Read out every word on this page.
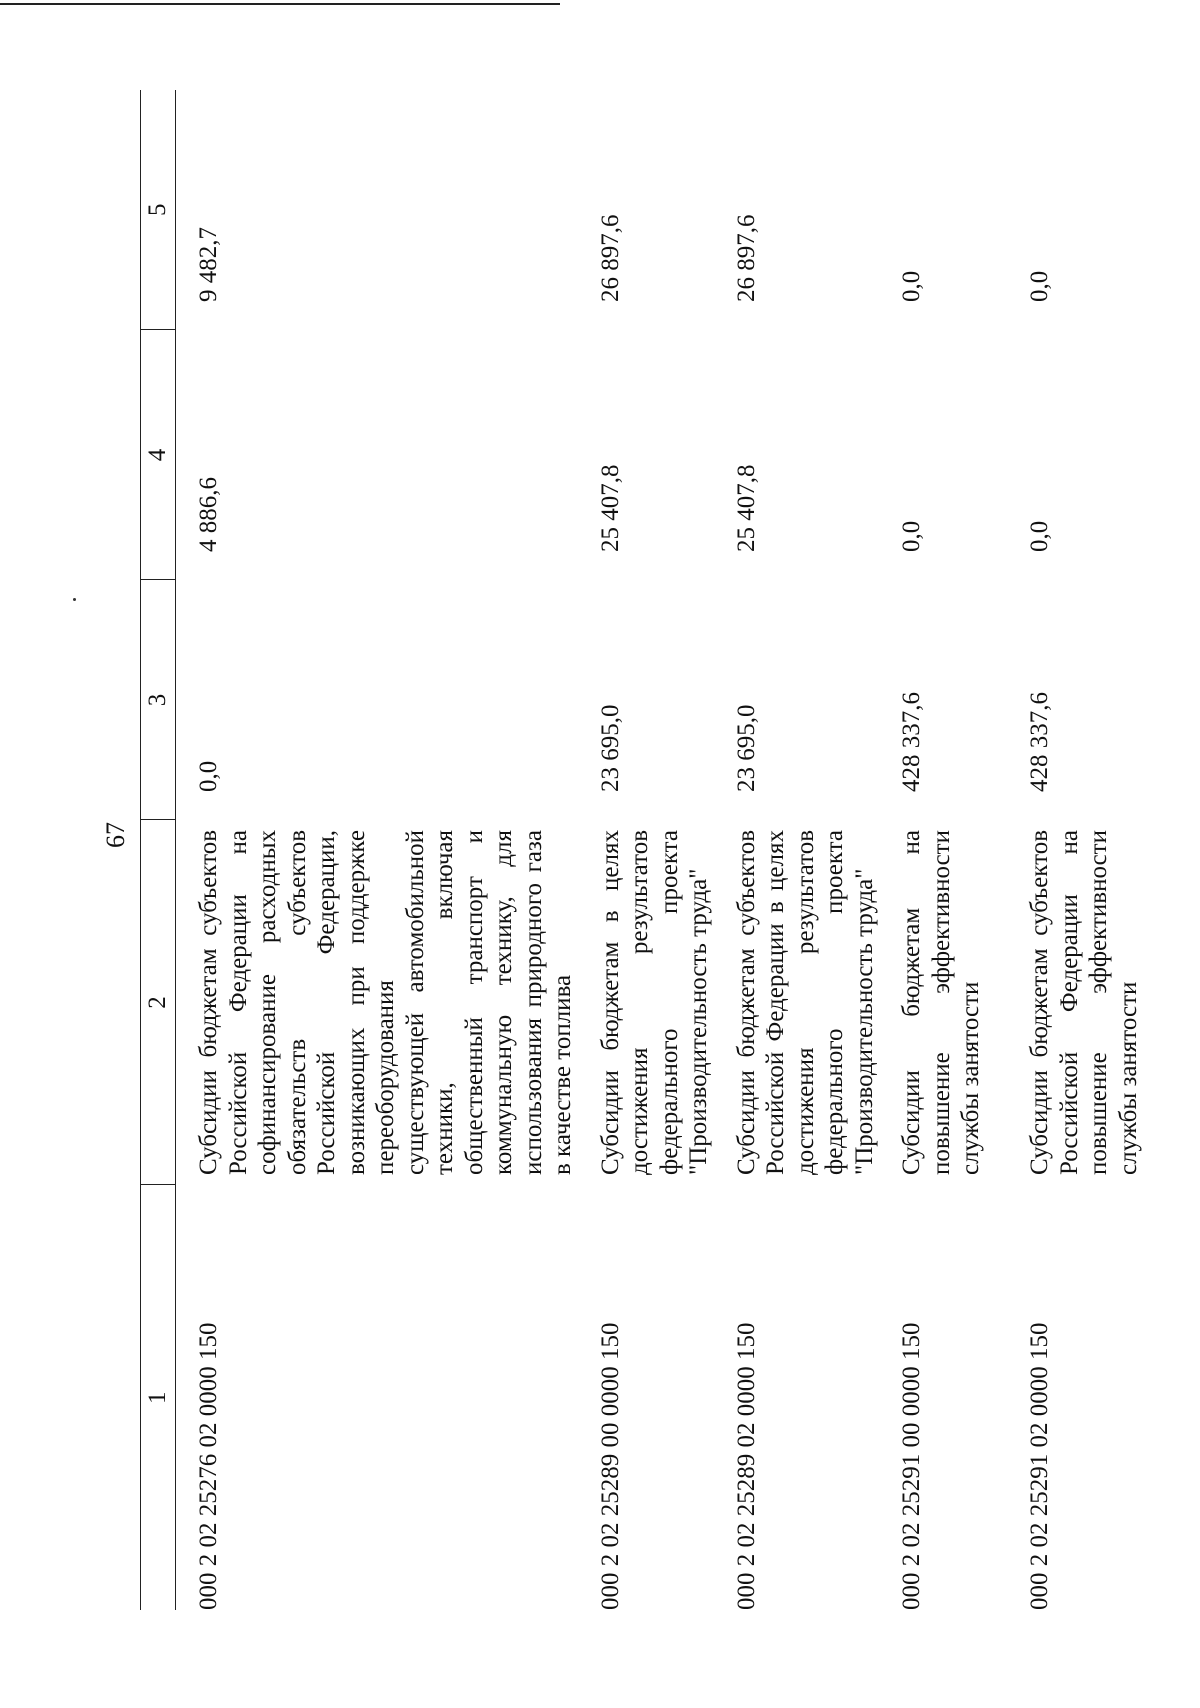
67
1	2	3	4	5
000 2 02 25276 02 0000 150	Субсидии бюджетам субъектов Российской Федерации на софинансирование расходных обязательств субъектов Российской Федерации, возникающих при поддержке переоборудования существующей автомобильной техники, включая общественный транспорт и коммунальную технику, для использования природного газа в качестве топлива	0,0	4 886,6	9 482,7
000 2 02 25289 00 0000 150	Субсидии бюджетам в целях достижения результатов федерального проекта "Производительность труда"	23 695,0	25 407,8	26 897,6
000 2 02 25289 02 0000 150	Субсидии бюджетам субъектов Российской Федерации в целях достижения результатов федерального проекта "Производительность труда"	23 695,0	25 407,8	26 897,6
000 2 02 25291 00 0000 150	Субсидии бюджетам на повышение эффективности службы занятости	428 337,6	0,0	0,0
000 2 02 25291 02 0000 150	Субсидии бюджетам субъектов Российской Федерации на повышение эффективности службы занятости	428 337,6	0,0	0,0
